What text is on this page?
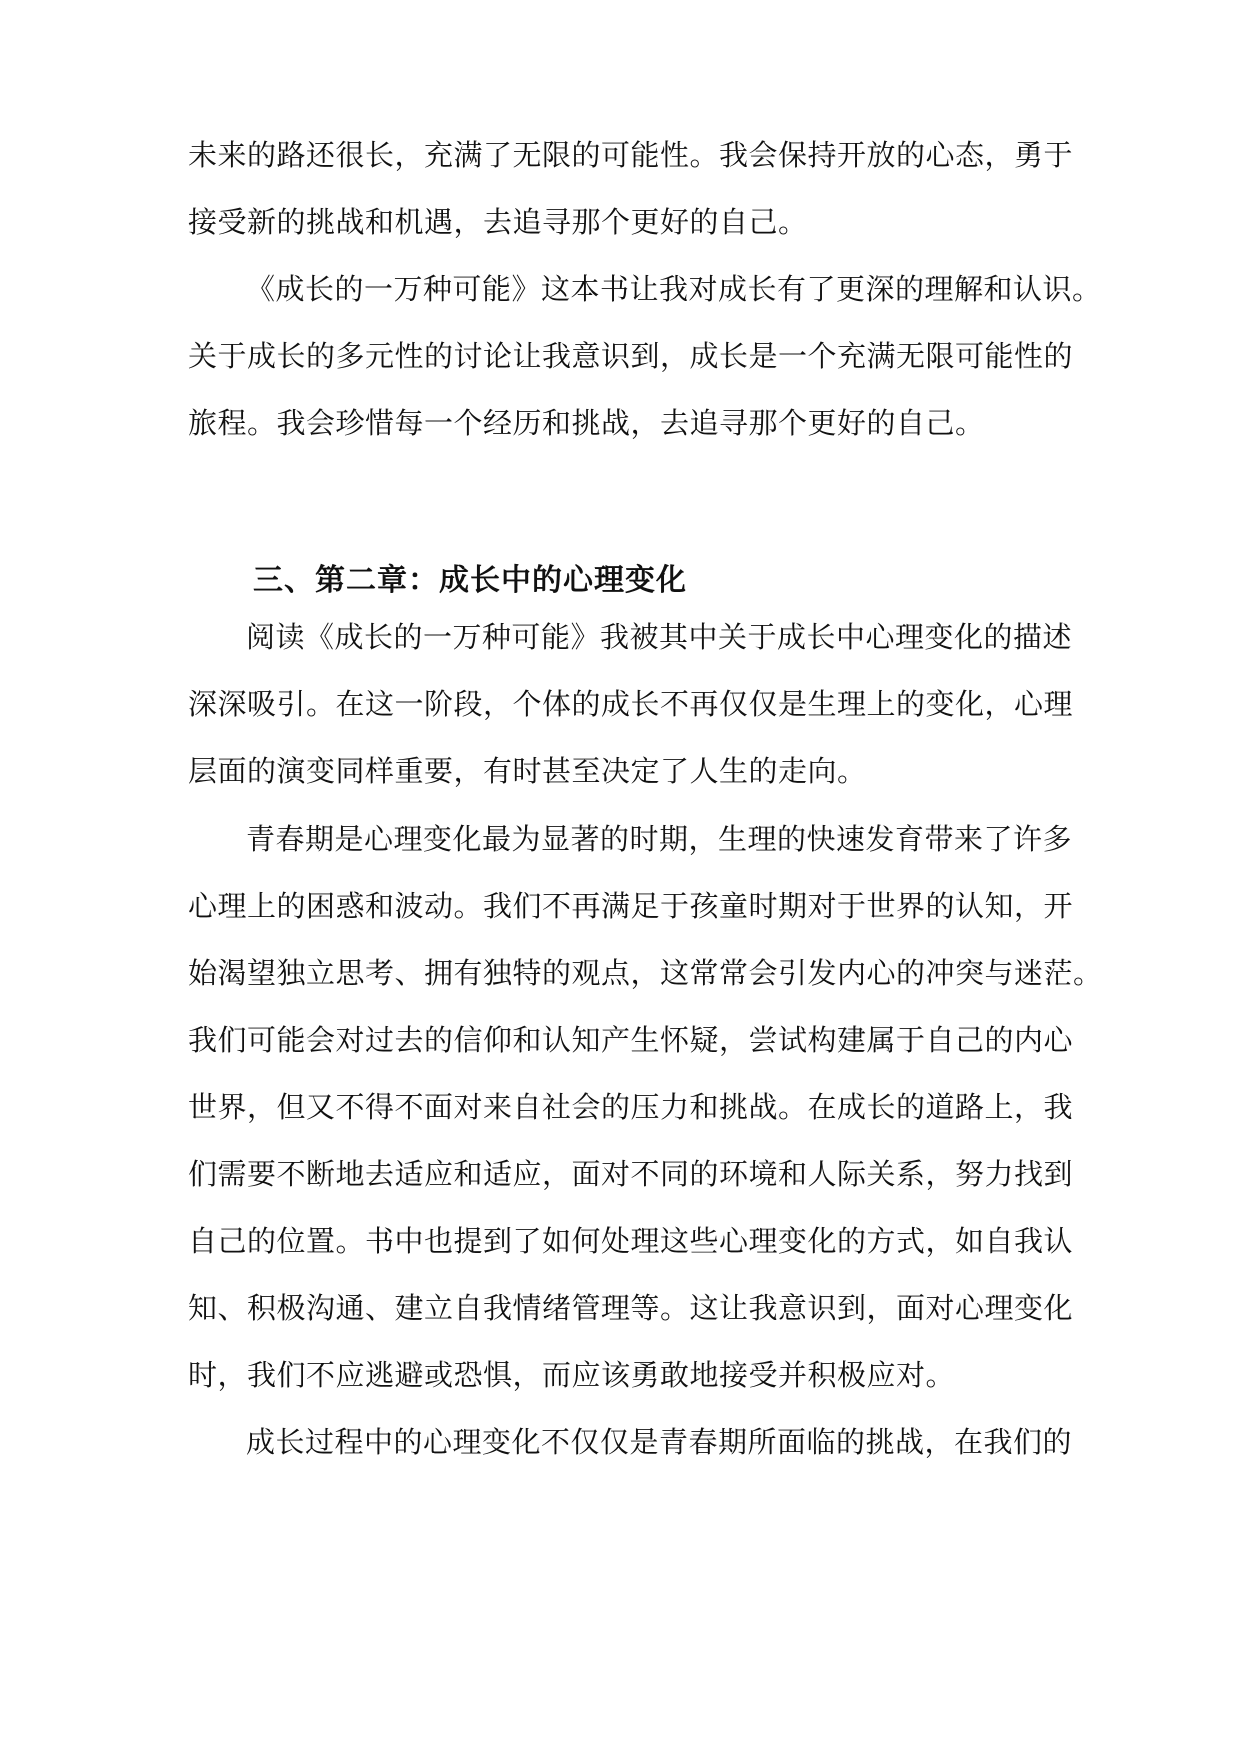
未来的路还很长，充满了无限的可能性。我会保持开放的心态，勇于
接受新的挑战和机遇，去追寻那个更好的自己。
《成长的一万种可能》这本书让我对成长有了更深的理解和认识。
关于成长的多元性的讨论让我意识到，成长是一个充满无限可能性的
旅程。我会珍惜每一个经历和挑战，去追寻那个更好的自己。
三、第二章：成长中的心理变化
阅读《成长的一万种可能》我被其中关于成长中心理变化的描述
深深吸引。在这一阶段，个体的成长不再仅仅是生理上的变化，心理
层面的演变同样重要，有时甚至决定了人生的走向。
青春期是心理变化最为显著的时期，生理的快速发育带来了许多
心理上的困惑和波动。我们不再满足于孩童时期对于世界的认知，开
始渴望独立思考、拥有独特的观点，这常常会引发内心的冲突与迷茫。
我们可能会对过去的信仰和认知产生怀疑，尝试构建属于自己的内心
世界，但又不得不面对来自社会的压力和挑战。在成长的道路上，我
们需要不断地去适应和适应，面对不同的环境和人际关系，努力找到
自己的位置。书中也提到了如何处理这些心理变化的方式，如自我认
知、积极沟通、建立自我情绪管理等。这让我意识到，面对心理变化
时，我们不应逃避或恐惧，而应该勇敢地接受并积极应对。
成长过程中的心理变化不仅仅是青春期所面临的挑战，在我们的
